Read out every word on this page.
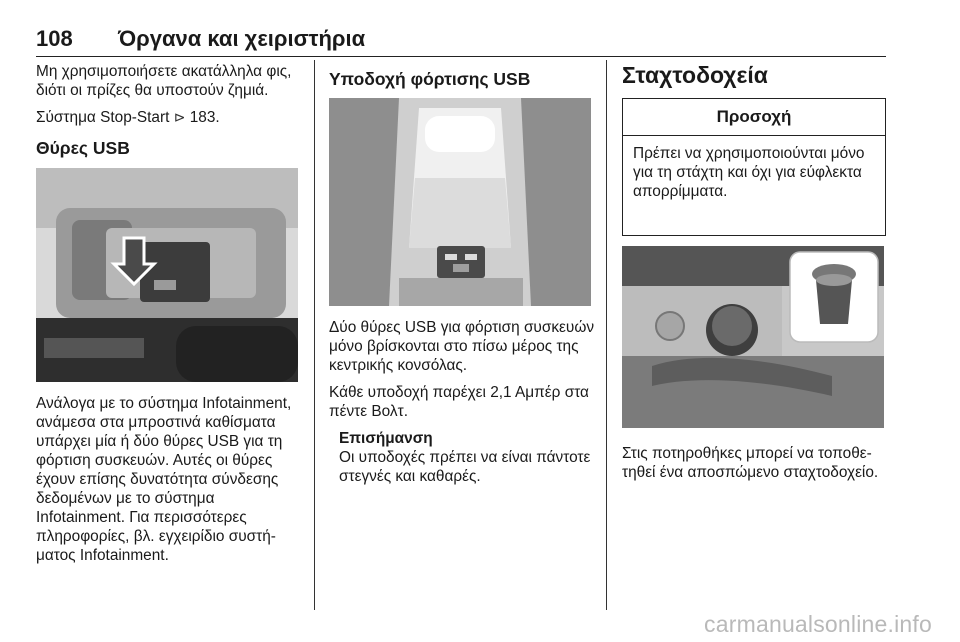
108 Όργανα και χειριστήρια

Μη χρησιμοποιήσετε ακατάλληλα φις, διότι οι πρίζες θα υποστούν ζημιά.

Σύστημα Stop-Start ⊳ 183.

Θύρες USB

Ανάλογα με το σύστημα Infotainment, ανάμεσα στα μπροστινά καθίσματα υπάρχει μία ή δύο θύρες USB για τη φόρτιση συσκευών. Αυτές οι θύρες έχουν επίσης δυνατότητα σύνδεσης δεδομένων με το σύστημα Infotainment. Για περισσότερες πληροφορίες, βλ. εγχειρίδιο συστή- ματος Infotainment.

Υποδοχή φόρτισης USB

Δύο θύρες USB για φόρτιση συσκευών μόνο βρίσκονται στο πίσω μέρος της κεντρικής κονσόλας.

Κάθε υποδοχή παρέχει 2,1 Αμπέρ στα πέντε Βολτ.

Επισήμανση

Οι υποδοχές πρέπει να είναι πάντοτε στεγνές και καθαρές.

Σταχτοδοχεία

Προσοχή
Πρέπει να χρησιμοποιούνται μόνο για τη στάχτη και όχι για εύφλεκτα απορρίμματα.

Στις ποτηροθήκες μπορεί να τοποθε- τηθεί ένα αποσπώμενο σταχτοδοχείο.

carmanualsonline.info
